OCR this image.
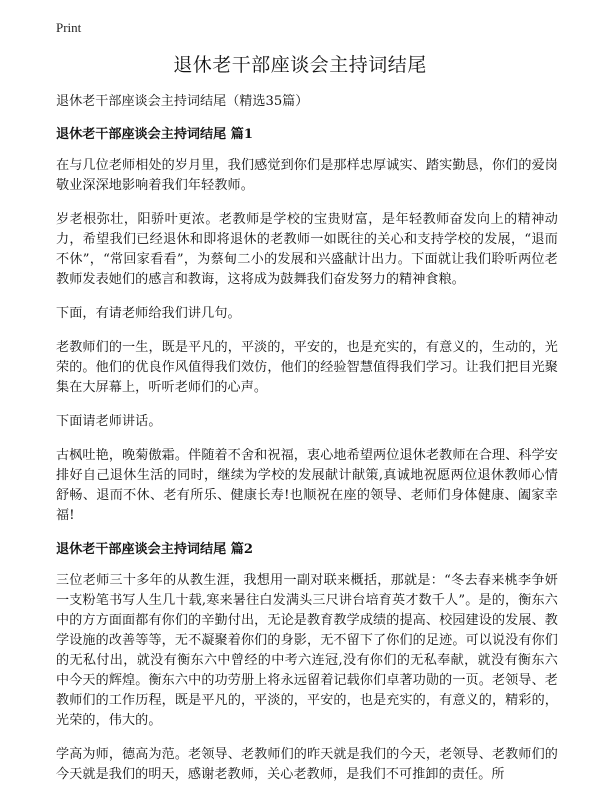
Print
退休老干部座谈会主持词结尾

退休老干部座谈会主持词结尾（精选35篇）

退休老干部座谈会主持词结尾 篇1

在与几位老师相处的岁月里，我们感觉到你们是那样忠厚诚实、踏实勤恳，你们的爱岗敬业深深地影响着我们年轻教师。

岁老根弥壮，阳骄叶更浓。老教师是学校的宝贵财富，是年轻教师奋发向上的精神动力，希望我们已经退休和即将退休的老教师一如既往的关心和支持学校的发展，“退而不休”，“常回家看看”，为蔡甸二小的发展和兴盛献计出力。下面就让我们聆听两位老教师发表她们的感言和教诲，这将成为鼓舞我们奋发努力的精神食粮。

下面，有请老师给我们讲几句。

老教师们的一生，既是平凡的，平淡的，平安的，也是充实的，有意义的，生动的，光荣的。他们的优良作风值得我们效仿，他们的经验智慧值得我们学习。让我们把目光聚集在大屏幕上，听听老师们的心声。

下面请老师讲话。

古枫吐艳，晚菊傲霜。伴随着不舍和祝福，衷心地希望两位退休老教师在合理、科学安排好自己退休生活的同时，继续为学校的发展献计献策,真诚地祝愿两位退休教师心情舒畅、退而不休、老有所乐、健康长寿!也顺祝在座的领导、老师们身体健康、阖家幸福!

退休老干部座谈会主持词结尾 篇2

三位老师三十多年的从教生涯，我想用一副对联来概括，那就是：“冬去春来桃李争妍一支粉笔书写人生几十载,寒来暑往白发满头三尺讲台培育英才数千人”。是的，衡东六中的方方面面都有你们的辛勤付出，无论是教育教学成绩的提高、校园建设的发展、教学设施的改善等等，无不凝聚着你们的身影，无不留下了你们的足迹。可以说没有你们的无私付出，就没有衡东六中曾经的中考六连冠,没有你们的无私奉献，就没有衡东六中今天的辉煌。衡东六中的功劳册上将永远留着记载你们卓著功勋的一页。老领导、老教师们的工作历程，既是平凡的，平淡的，平安的，也是充实的，有意义的，精彩的，光荣的，伟大的。

学高为师，德高为范。老领导、老教师们的昨天就是我们的今天，老领导、老教师们的今天就是我们的明天，感谢老教师，关心老教师，是我们不可推卸的责任。所
